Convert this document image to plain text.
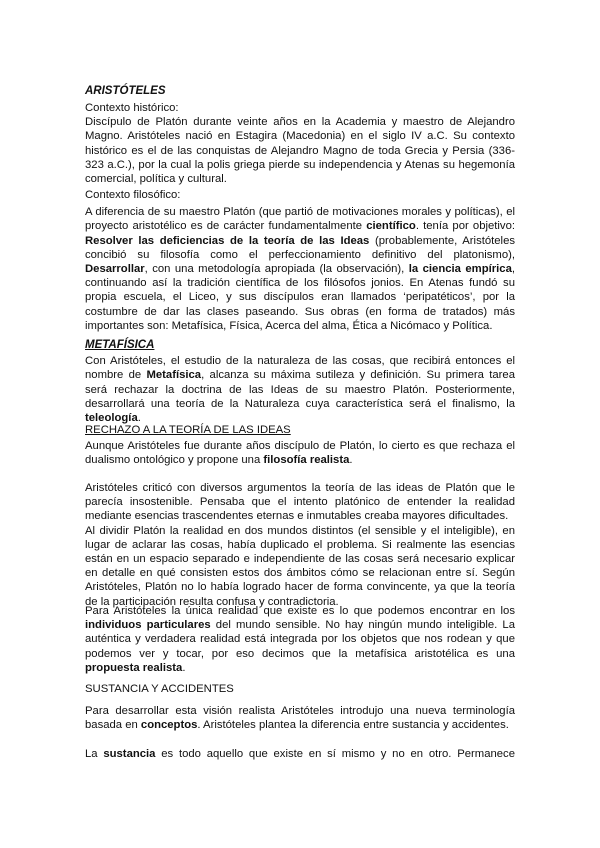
ARISTÓTELES

Contexto histórico:

Discípulo de Platón durante veinte años en la Academia y maestro de Alejandro Magno. Aristóteles nació en Estagira (Macedonia) en el siglo IV a.C. Su contexto histórico es el de las conquistas de Alejandro Magno de toda Grecia y Persia (336-323 a.C.), por la cual la polis griega pierde su independencia y Atenas su hegemonía comercial, política y cultural.

Contexto filosófico:

A diferencia de su maestro Platón (que partió de motivaciones morales y políticas), el proyecto aristotélico es de carácter fundamentalmente científico. tenía por objetivo: Resolver las deficiencias de la teoría de las Ideas (probablemente, Aristóteles concibió su filosofía como el perfeccionamiento definitivo del platonismo), Desarrollar, con una metodología apropiada (la observación), la ciencia empírica, continuando así la tradición científica de los filósofos jonios. En Atenas fundó su propia escuela, el Liceo, y sus discípulos eran llamados ‘peripatéticos’, por la costumbre de dar las clases paseando. Sus obras (en forma de tratados) más importantes son: Metafísica, Física, Acerca del alma, Ética a Nicómaco y Política.

METAFÍSICA

Con Aristóteles, el estudio de la naturaleza de las cosas, que recibirá entonces el nombre de Metafísica, alcanza su máxima sutileza y definición. Su primera tarea será rechazar la doctrina de las Ideas de su maestro Platón. Posteriormente, desarrollará una teoría de la Naturaleza cuya característica será el finalismo, la teleología.

RECHAZO A LA TEORÍA DE LAS IDEAS

Aunque Aristóteles fue durante años discípulo de Platón, lo cierto es que rechaza el dualismo ontológico y propone una filosofía realista.

Aristóteles criticó con diversos argumentos la teoría de las ideas de Platón que le parecía insostenible. Pensaba que el intento platónico de entender la realidad mediante esencias trascendentes eternas e inmutables creaba mayores dificultades.

Al dividir Platón la realidad en dos mundos distintos (el sensible y el inteligible), en lugar de aclarar las cosas, había duplicado el problema. Si realmente las esencias están en un espacio separado e independiente de las cosas será necesario explicar en detalle en qué consisten estos dos ámbitos cómo se relacionan entre sí. Según Aristóteles, Platón no lo había logrado hacer de forma convincente, ya que la teoría de la participación resulta confusa y contradictoria.

Para Aristóteles la única realidad que existe es lo que podemos encontrar en los individuos particulares del mundo sensible. No hay ningún mundo inteligible. La auténtica y verdadera realidad está integrada por los objetos que nos rodean y que podemos ver y tocar, por eso decimos que la metafísica aristotélica es una propuesta realista.

SUSTANCIA Y ACCIDENTES

Para desarrollar esta visión realista Aristóteles introdujo una nueva terminología basada en conceptos. Aristóteles plantea la diferencia entre sustancia y accidentes.

La sustancia es todo aquello que existe en sí mismo y no en otro. Permanece
